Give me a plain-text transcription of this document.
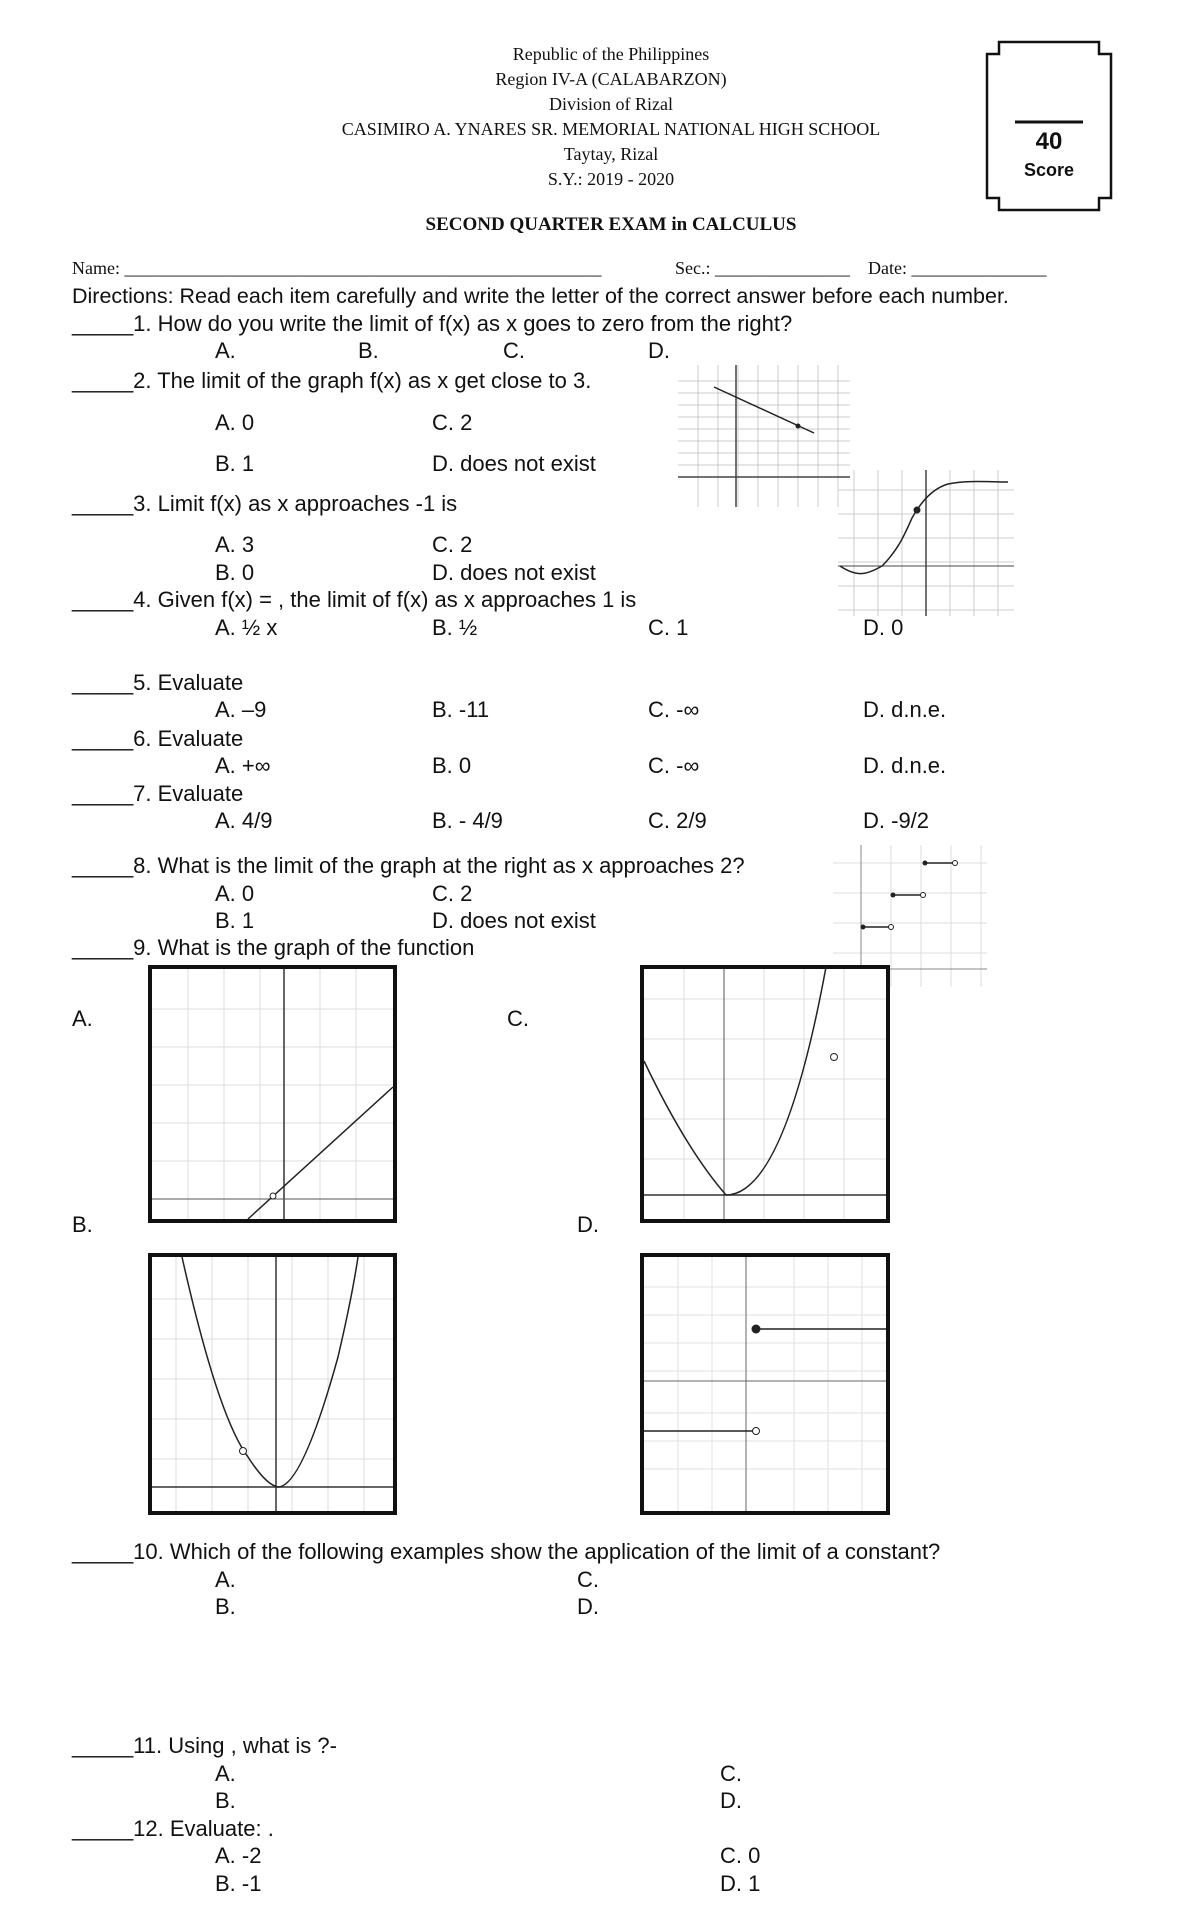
Republic of the Philippines
Region IV-A (CALABARZON)
Division of Rizal
CASIMIRO A. YNARES SR. MEMORIAL NATIONAL HIGH SCHOOL
Taytay, Rizal
S.Y.: 2019 - 2020
40
Score
SECOND QUARTER EXAM in CALCULUS
Name: _____________________________________________________	Sec.: _______________ Date: _______________
Directions: Read each item carefully and write the letter of the correct answer before each number.
_____1. How do you write the limit of f(x) as x goes to zero from the right?
A.	B.	C.	D.
_____2. The limit of the graph f(x) as x get close to 3.
A. 0	C. 2
B. 1	D. does not exist
_____3. Limit f(x) as x approaches -1 is
A. 3	C. 2
B. 0	D. does not exist
_____4. Given f(x) = , the limit of f(x) as x approaches 1 is
A. ½ x	B. ½	C. 1	D. 0
_____5. Evaluate
A. –9	B. -11	C. -∞	D. d.n.e.
_____6. Evaluate
A. +∞	B. 0	C. -∞	D. d.n.e.
_____7. Evaluate
A. 4/9	B. - 4/9	C. 2/9	D. -9/2
_____8. What is the limit of the graph at the right as x approaches 2?
A. 0	C. 2
B. 1	D. does not exist
_____9. What is the graph of the function
A.	C.
B.	D.
_____10. Which of the following examples show the application of the limit of a constant?
A.	C.
B.	D.
_____11. Using , what is ?-
A.	C.
B.	D.
_____12. Evaluate: .
A. -2	C. 0
B. -1	D. 1
